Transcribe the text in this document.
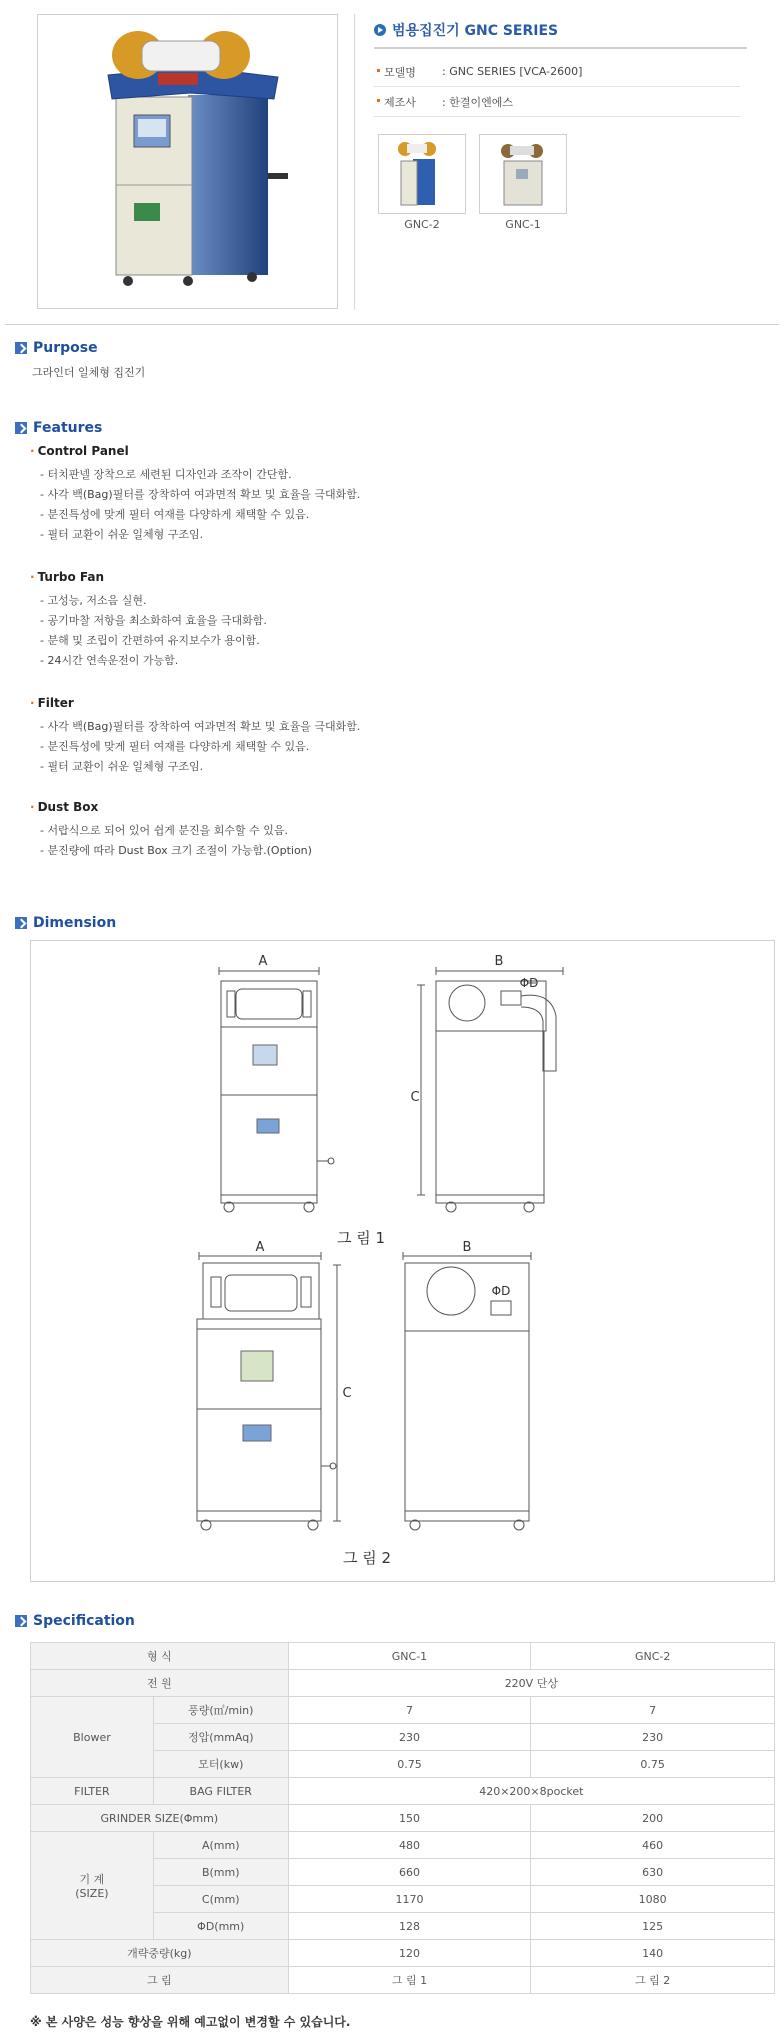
범용집진기 GNC SERIES
모델명	: GNC SERIES [VCA-2600]
제조사	: 한결이엔에스
GNC-2	GNC-1
Purpose
그라인더 일체형 집진기
Features
· Control Panel
- 터치판넬 장착으로 세련된 디자인과 조작이 간단함.
- 사각 백(Bag)필터를 장착하여 여과면적 확보 및 효율을 극대화함.
- 분진특성에 맞게 필터 여재를 다양하게 채택할 수 있음.
- 필터 교환이 쉬운 일체형 구조임.
· Turbo Fan
- 고성능, 저소음 실현.
- 공기마찰 저항을 최소화하여 효율을 극대화함.
- 분해 및 조립이 간편하여 유지보수가 용이함.
- 24시간 연속운전이 가능함.
· Filter
- 사각 백(Bag)필터를 장착하여 여과면적 확보 및 효율을 극대화함.
- 분진특성에 맞게 필터 여재를 다양하게 채택할 수 있음.
- 필터 교환이 쉬운 일체형 구조임.
· Dust Box
- 서랍식으로 되어 있어 쉽게 분진을 회수할 수 있음.
- 분진량에 따라 Dust Box 크기 조절이 가능함.(Option)
Dimension
A	B
C
ΦD
그 림 1
A	B
C
ΦD
그 림 2
Specification
형 식		GNC-1	GNC-2
전 원		220V 단상	
Blower	풍량(㎥/min)	7	7
	정압(mmAq)	230	230
	모터(kw)	0.75	0.75
FILTER	BAG FILTER	420×200×8pocket	
GRINDER SIZE(Φmm)		150	200
기 계
(SIZE)	A(mm)	480	460
	B(mm)	660	630
	C(mm)	1170	1080
	ΦD(mm)	128	125
개략중량(kg)		120	140
그 림		그 림 1	그 림 2
※ 본 사양은 성능 향상을 위해 예고없이 변경할 수 있습니다.
